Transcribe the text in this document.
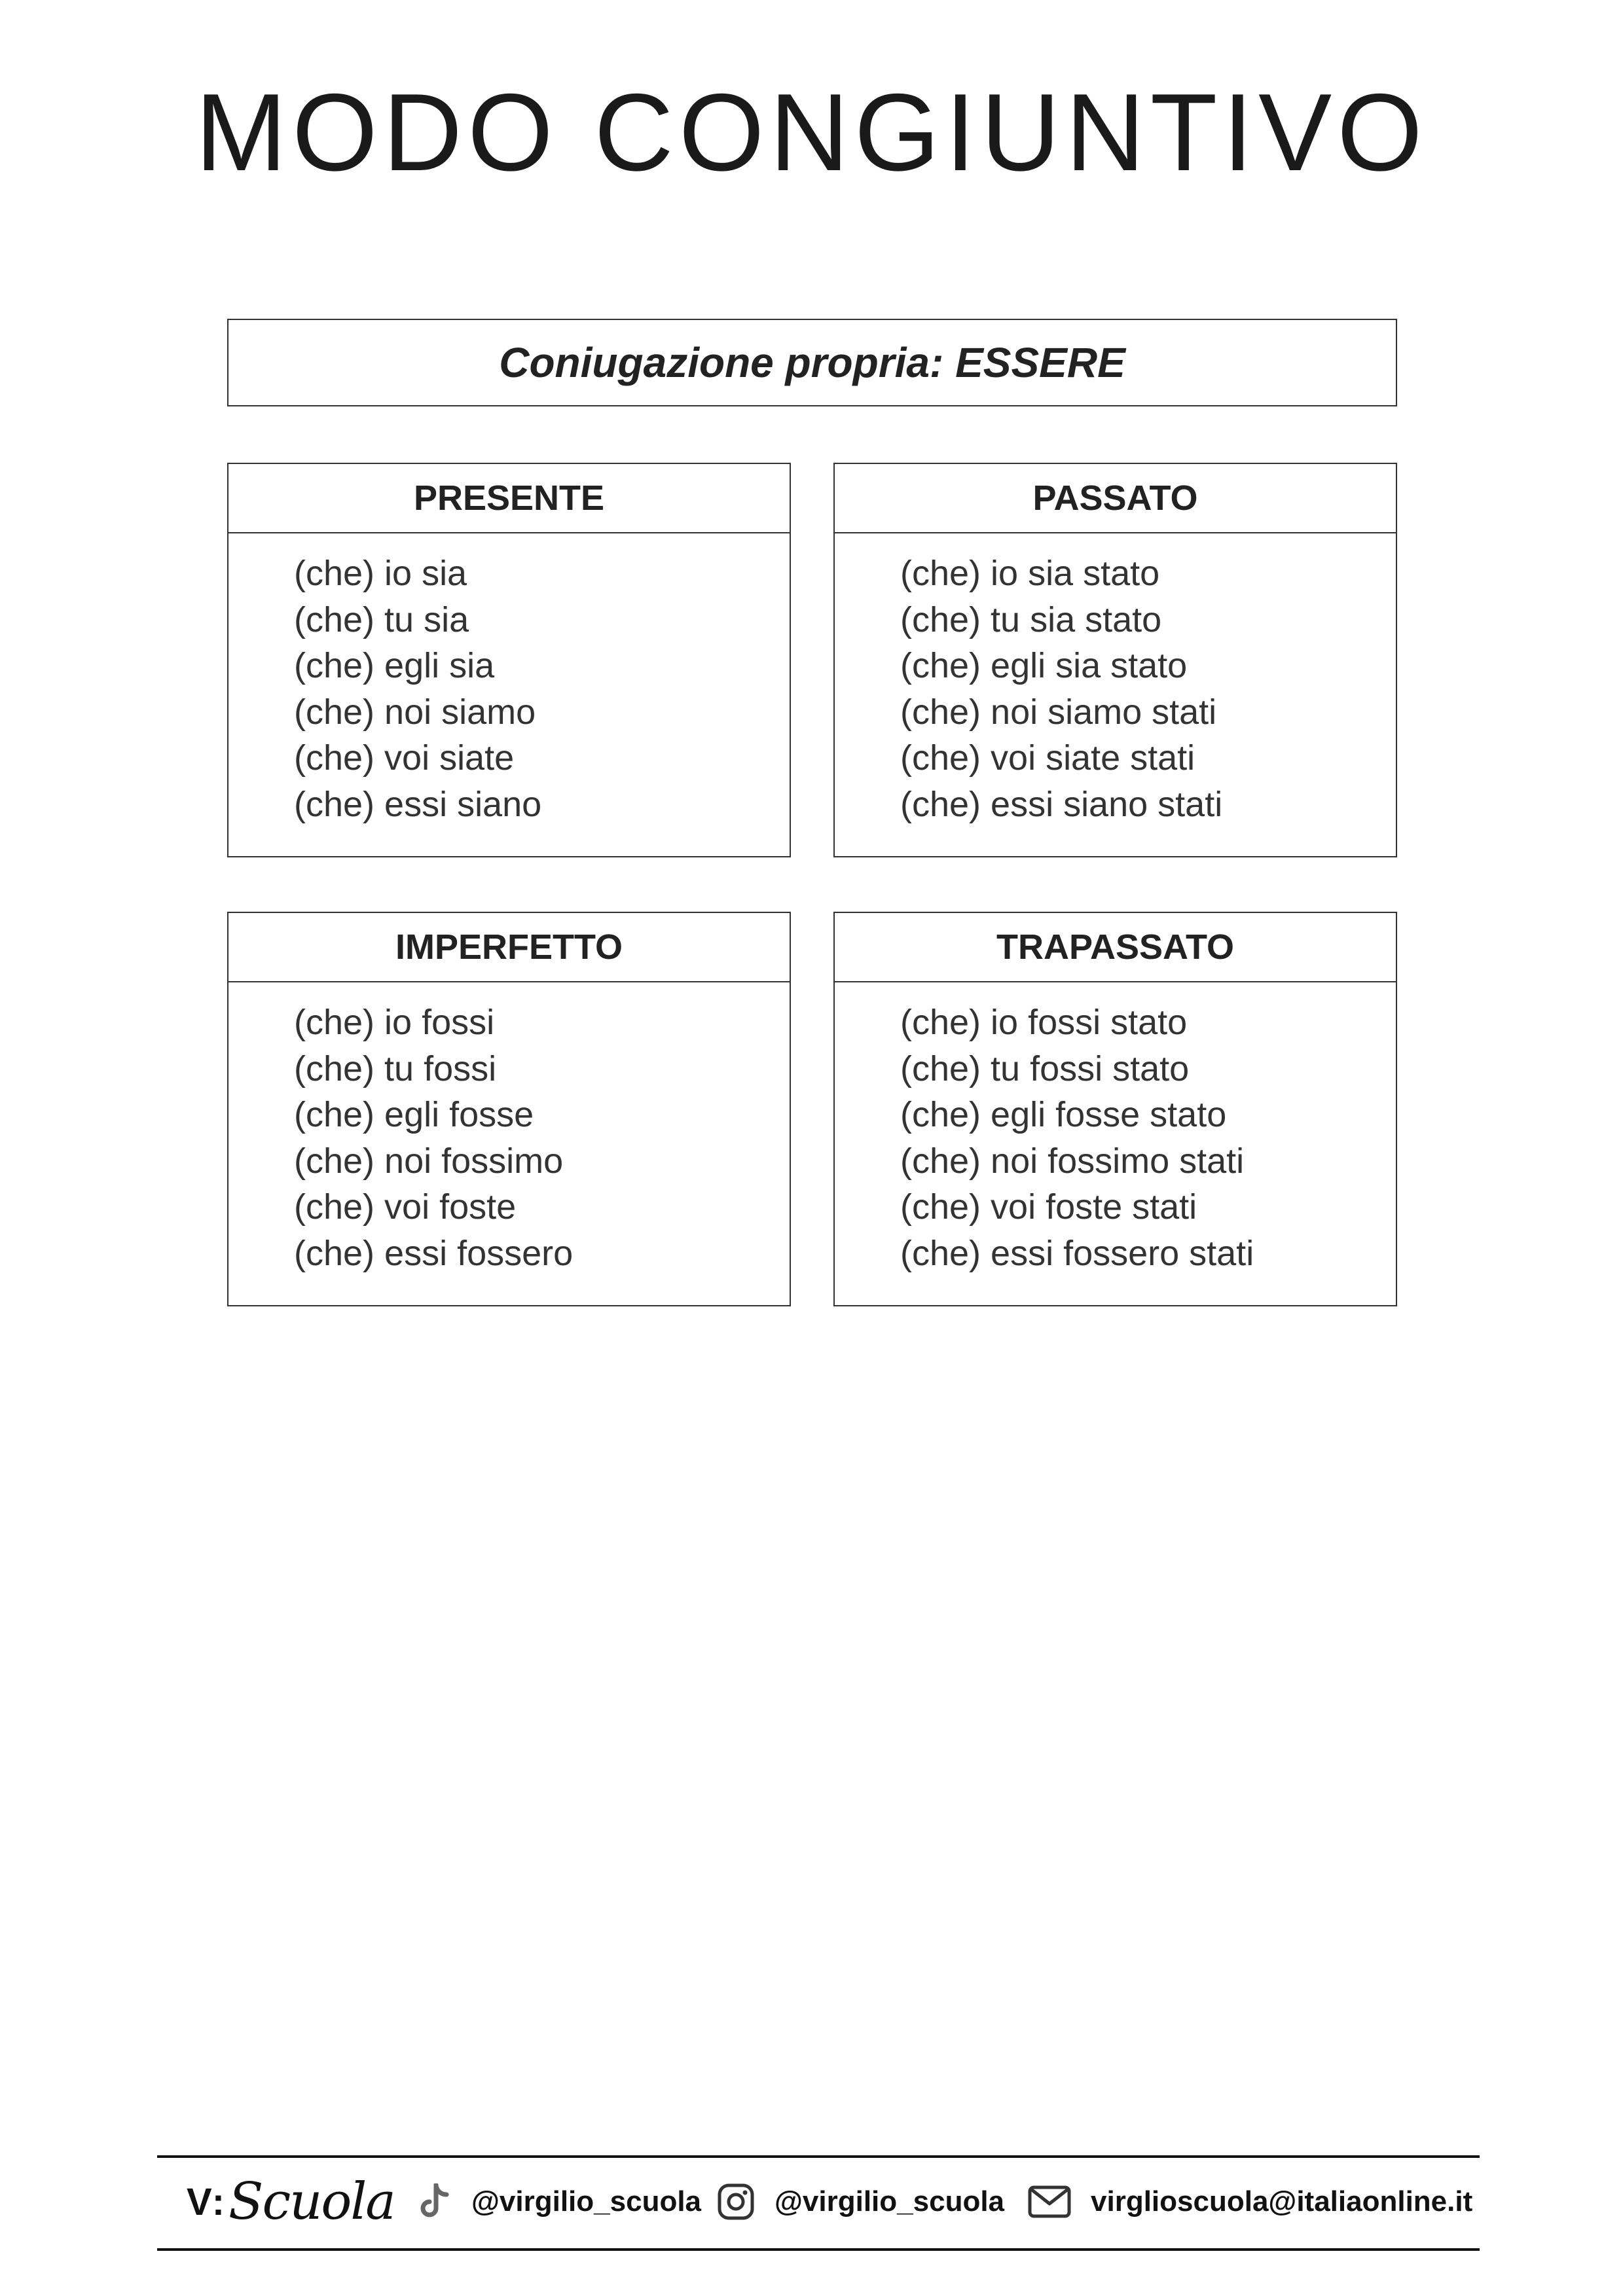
MODO CONGIUNTIVO
Coniugazione propria: ESSERE
PRESENTE
(che) io sia
(che) tu sia
(che) egli sia
(che) noi siamo
(che) voi siate
(che) essi siano
PASSATO
(che) io sia stato
(che) tu sia stato
(che) egli sia stato
(che) noi siamo stati
(che) voi siate stati
(che) essi siano stati
IMPERFETTO
(che) io fossi
(che) tu fossi
(che) egli fosse
(che) noi fossimo
(che) voi foste
(che) essi fossero
TRAPASSATO
(che) io fossi stato
(che) tu fossi stato
(che) egli fosse stato
(che) noi fossimo stati
(che) voi foste stati
(che) essi fossero stati
V : Scuola	@virgilio_scuola	@virgilio_scuola	virglioscuola@italiaonline.it
